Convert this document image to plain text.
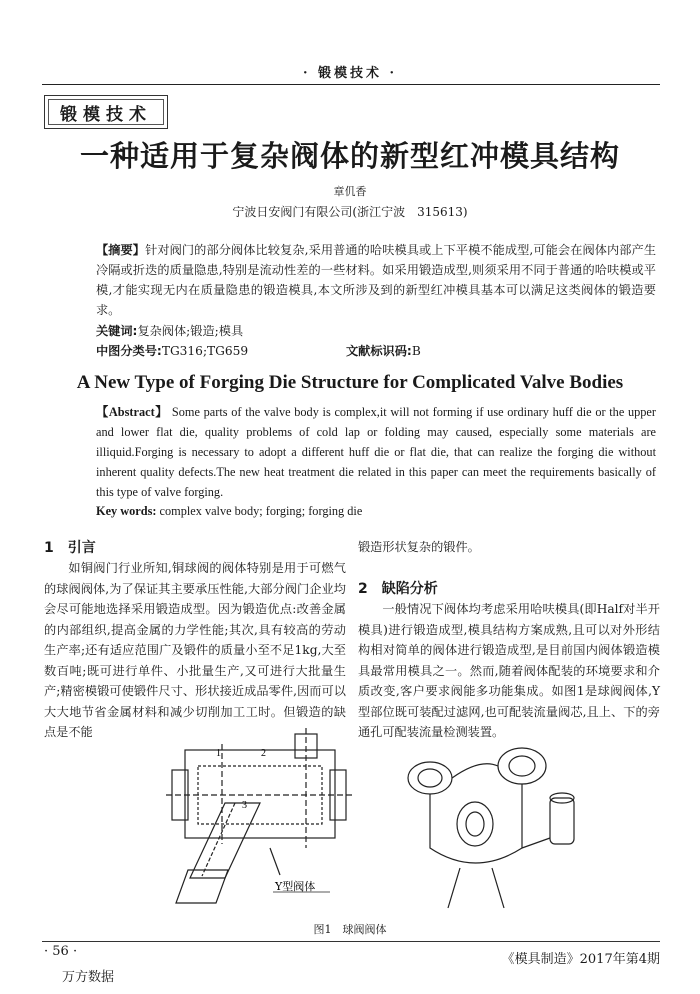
· 锻模技术 ·
锻模技术
一种适用于复杂阀体的新型红冲模具结构
章仉香
宁波日安阀门有限公司(浙江宁波　315613)
【摘要】针对阀门的部分阀体比较复杂,采用普通的哈呋模具或上下平模不能成型,可能会在阀体内部产生冷隔或折迭的质量隐患,特别是流动性差的一些材料。如采用锻造成型,则须采用不同于普通的哈呋模或平模,才能实现无内在质量隐患的锻造模具,本文所涉及到的新型红冲模具基本可以满足这类阀体的锻造要求。
关键词:复杂阀体;锻造;模具
中图分类号:TG316;TG659	文献标识码:B
A New Type of Forging Die Structure for Complicated Valve Bodies
【Abstract】 Some parts of the valve body is complex,it will not forming if use ordinary huff die or the upper and lower flat die, quality problems of cold lap or folding may caused, especially some materials are illiquid.Forging is necessary to adopt a different huff die or flat die, that can realize the forging die without inherent quality defects.The new heat treatment die related in this paper can meet the requirements basically of this type of valve forging.
Key words: complex valve body; forging; forging die
1　引言
如铜阀门行业所知,铜球阀的阀体特别是用于可燃气的球阀阀体,为了保证其主要承压性能,大部分阀门企业均会尽可能地选择采用锻造成型。因为锻造优点:改善金属的内部组织,提高金属的力学性能;其次,具有较高的劳动生产率;还有适应范围广及锻件的质量小至不足1kg,大至数百吨;既可进行单件、小批量生产,又可进行大批量生产;精密模锻可使锻件尺寸、形状接近成品零件,因而可以大大地节省金属材料和减少切削加工工时。但锻造的缺点是不能
锻造形状复杂的锻件。
2　缺陷分析
一般情况下阀体均考虑采用哈呋模具(即Half对半开模具)进行锻造成型,模具结构方案成熟,且可以对外形结构相对简单的阀体进行锻造成型,是目前国内阀体锻造模具最常用模具之一。然而,随着阀体配装的环境要求和介质改变,客户要求阀能多功能集成。如图1是球阀阀体,Y型部位既可装配过滤网,也可配装流量阀芯,且上、下的旁通孔可配装流量检测装置。
1	2
3
Y型阀体
图1　球阀阀体
· 56 ·
《模具制造》2017年第4期
万方数据
